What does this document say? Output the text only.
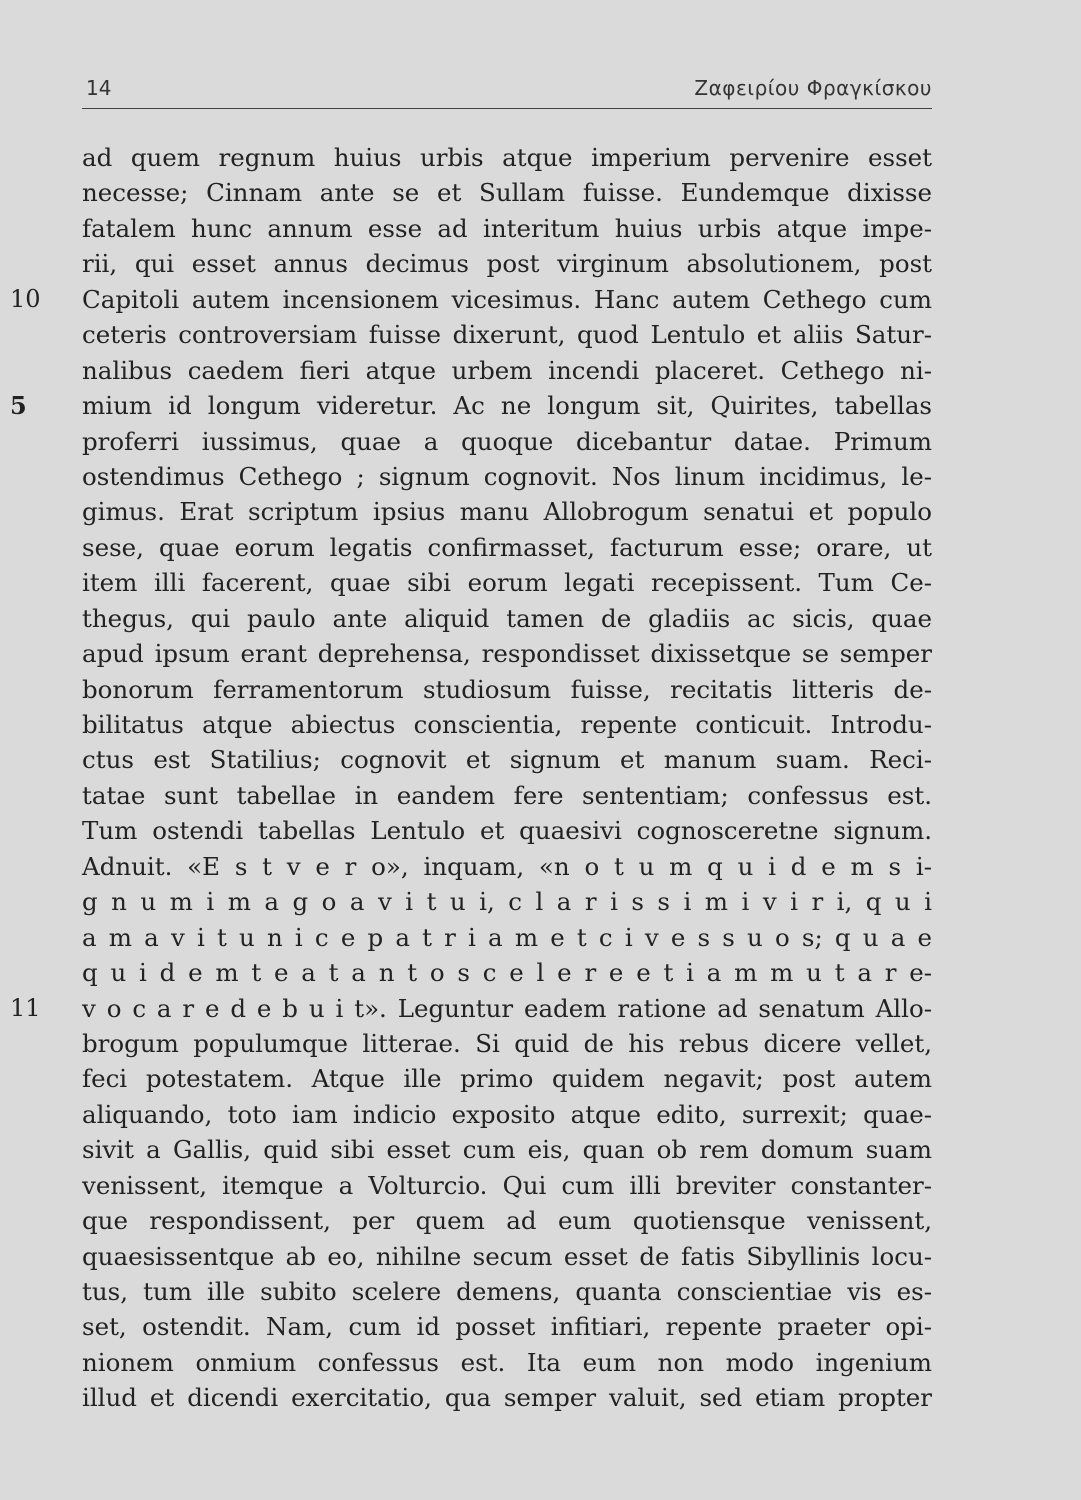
14	Ζαφειρίου Φραγκίσκου
ad quem regnum huius urbis atque imperium pervenire esset
necesse; Cinnam ante se et Sullam fuisse. Eundemque dixisse
fatalem hunc annum esse ad interitum huius urbis atque impe-
rii, qui esset annus decimus post virginum absolutionem, post
10	Capitoli autem incensionem vicesimus. Hanc autem Cethego cum
ceteris controversiam fuisse dixerunt, quod Lentulo et aliis Satur-
nalibus caedem fieri atque urbem incendi placeret. Cethego ni-
5	mium id longum videretur. Ac ne longum sit, Quirites, tabellas
proferri iussimus, quae a quoque dicebantur datae. Primum
ostendimus Cethego ; signum cognovit. Nos linum incidimus, le-
gimus. Erat scriptum ipsius manu Allobrogum senatui et populo
sese, quae eorum legatis confirmasset, facturum esse; orare, ut
item illi facerent, quae sibi eorum legati recepissent. Tum Ce-
thegus, qui paulo ante aliquid tamen de gladiis ac sicis, quae
apud ipsum erant deprehensa, respondisset dixissetque se semper
bonorum ferramentorum studiosum fuisse, recitatis litteris de-
bilitatus atque abiectus conscientia, repente conticuit. Introdu-
ctus est Statilius; cognovit et signum et manum suam. Reci-
tatae sunt tabellae in eandem fere sententiam; confessus est.
Tum ostendi tabellas Lentulo et quaesivi cognosceretne signum.
Adnuit. «E s t v e r o», inquam, «n o t u m q u i d e m s i-
g n u m i m a g o a v i t u i, c l a r i s s i m i v i r i, q u i
a m a v i t u n i c e p a t r i a m e t c i v e s s u o s; q u a e
q u i d e m t e a t a n t o s c e l e r e e t i a m m u t a r e-
11	v o c a r e d e b u i t». Leguntur eadem ratione ad senatum Allo-
brogum populumque litterae. Si quid de his rebus dicere vellet,
feci potestatem. Atque ille primo quidem negavit; post autem
aliquando, toto iam indicio exposito atque edito, surrexit; quae-
sivit a Gallis, quid sibi esset cum eis, quan ob rem domum suam
venissent, itemque a Volturcio. Qui cum illi breviter constanter-
que respondissent, per quem ad eum quotiensque venissent,
quaesissentque ab eo, nihilne secum esset de fatis Sibyllinis locu-
tus, tum ille subito scelere demens, quanta conscientiae vis es-
set, ostendit. Nam, cum id posset infitiari, repente praeter opi-
nionem onmium confessus est. Ita eum non modo ingenium
illud et dicendi exercitatio, qua semper valuit, sed etiam propter
